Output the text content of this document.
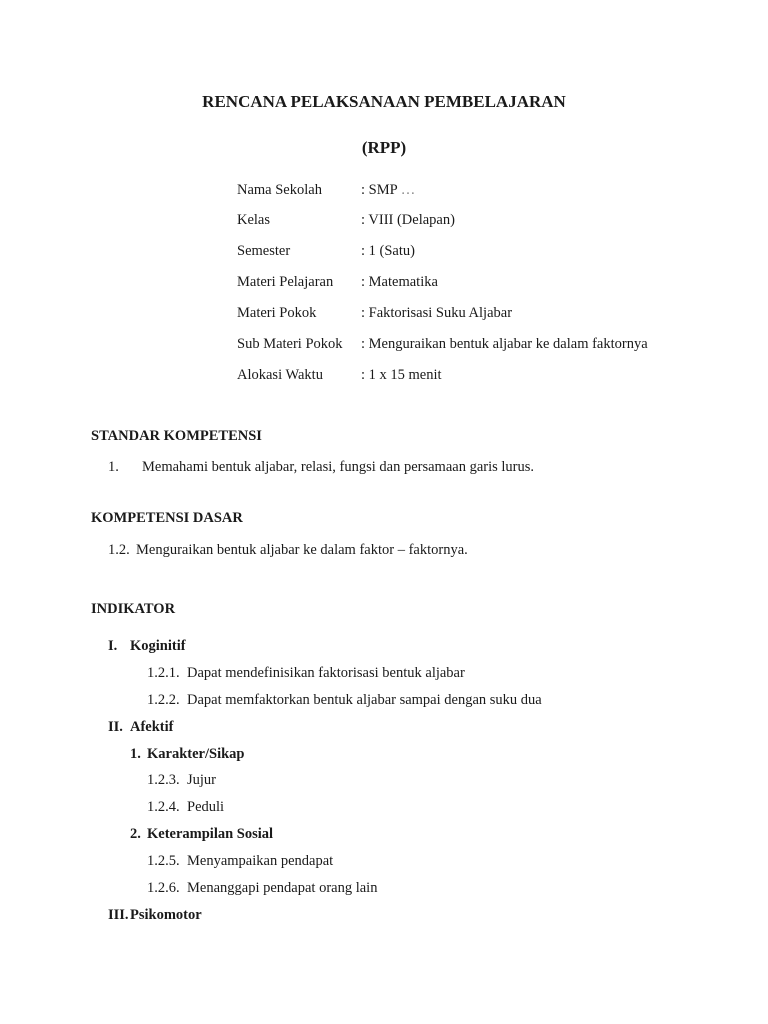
RENCANA PELAKSANAAN PEMBELAJARAN
(RPP)
Nama Sekolah	: SMP …
Kelas	: VIII (Delapan)
Semester	: 1 (Satu)
Materi Pelajaran : Matematika
Materi Pokok	: Faktorisasi Suku Aljabar
Sub Materi Pokok : Menguraikan bentuk aljabar ke dalam faktornya
Alokasi Waktu	: 1 x 15 menit
STANDAR KOMPETENSI
1. Memahami bentuk aljabar, relasi, fungsi dan persamaan garis lurus.
KOMPETENSI DASAR
1.2. Menguraikan bentuk aljabar ke dalam faktor – faktornya.
INDIKATOR
I. Koginitif
1.2.1. Dapat mendefinisikan faktorisasi bentuk aljabar
1.2.2. Dapat memfaktorkan bentuk aljabar sampai dengan suku dua
II. Afektif
1. Karakter/Sikap
1.2.3. Jujur
1.2.4. Peduli
2. Keterampilan Sosial
1.2.5. Menyampaikan pendapat
1.2.6. Menanggapi pendapat orang lain
III. Psikomotor
